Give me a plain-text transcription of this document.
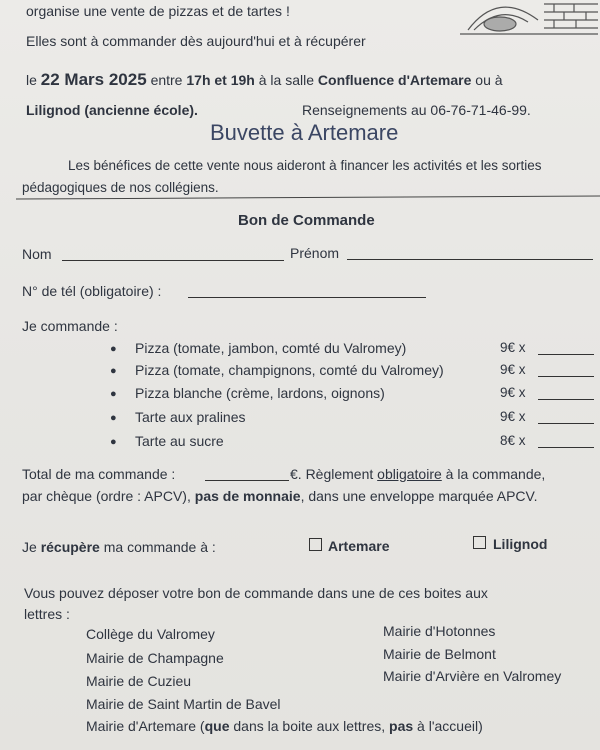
organise une vente de pizzas et de tartes !
Elles sont à commander dès aujourd'hui et à récupérer
le 22 Mars 2025 entre 17h et 19h à la salle Confluence d'Artemare ou à
Lilignod (ancienne école).	Renseignements au 06-76-71-46-99.
Buvette à Artemare
Les bénéfices de cette vente nous aideront à financer les activités et les sorties
pédagogiques de nos collégiens.
Bon de Commande
Nom	Prénom
N° de tél (obligatoire) :
Je commande :
● Pizza (tomate, jambon, comté du Valromey)	9€ x
● Pizza (tomate, champignons, comté du Valromey)	9€ x
● Pizza blanche (crème, lardons, oignons)	9€ x
● Tarte aux pralines	9€ x
● Tarte au sucre	8€ x
Total de ma commande :	€. Règlement obligatoire à la commande,
par chèque (ordre : APCV), pas de monnaie, dans une enveloppe marquée APCV.
Je récupère ma commande à :	Artemare	Lilignod
Vous pouvez déposer votre bon de commande dans une de ces boites aux
lettres :
Collège du Valromey
Mairie de Champagne
Mairie de Cuzieu
Mairie de Saint Martin de Bavel
Mairie d'Hotonnes
Mairie de Belmont
Mairie d'Arvière en Valromey
Mairie d'Artemare (que dans la boite aux lettres, pas à l'accueil)
